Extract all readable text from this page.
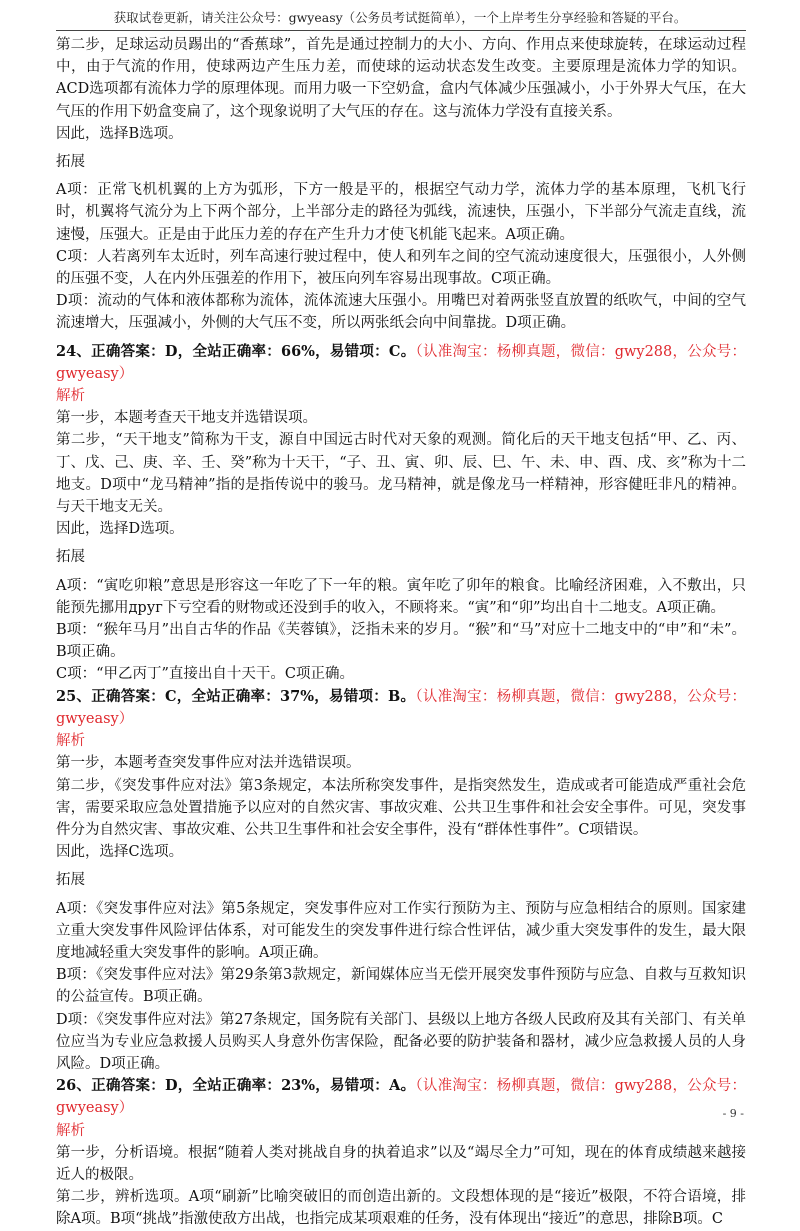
获取试卷更新，请关注公众号：gwyeasy（公务员考试挺简单），一个上岸考生分享经验和答疑的平台。

第二步，足球运动员踢出的“香蕉球”，首先是通过控制力的大小、方向、作用点来使球旋转，在球运动过程中，由于气流的作用，使球两边产生压力差，而使球的运动状态发生改变。主要原理是流体力学的知识。ACD选项都有流体力学的原理体现。而用力吸一下空奶盒，盒内气体减少压强减小，小于外界大气压，在大气压的作用下奶盒变扁了，这个现象说明了大气压的存在。这与流体力学没有直接关系。

因此，选择B选项。

拓展

A项：正常飞机机翼的上方为弧形，下方一般是平的，根据空气动力学，流体力学的基本原理，飞机飞行时，机翼将气流分为上下两个部分，上半部分走的路径为弧线，流速快，压强小，下半部分气流走直线，流速慢，压强大。正是由于此压力差的存在产生升力才使飞机能飞起来。A项正确。

C项：人若离列车太近时，列车高速行驶过程中，使人和列车之间的空气流动速度很大，压强很小，人外侧的压强不变，人在内外压强差的作用下，被压向列车容易出现事故。C项正确。

D项：流动的气体和液体都称为流体，流体流速大压强小。用嘴巴对着两张竖直放置的纸吹气，中间的空气流速增大，压强减小，外侧的大气压不变，所以两张纸会向中间靠拢。D项正确。

24、正确答案：D，全站正确率：66%，易错项：C。（认准淘宝：杨柳真题，微信：gwy288，公众号：gwyeasy）

解析

第一步，本题考查天干地支并选错误项。

第二步，“天干地支”简称为干支，源自中国远古时代对天象的观测。简化后的天干地支包括“甲、乙、丙、丁、戊、己、庚、辛、壬、癸”称为十天干，“子、丑、寅、卯、辰、巳、午、未、申、酉、戌、亥”称为十二地支。D项中“龙马精神”指的是指传说中的骏马。龙马精神，就是像龙马一样精神，形容健旺非凡的精神。与天干地支无关。

因此，选择D选项。

拓展

A项：“寅吃卯粮”意思是形容这一年吃了下一年的粮。寅年吃了卯年的粮食。比喻经济困难，入不敷出，只能预先挪用друг下亏空看的财物或还没到手的收入，不顾将来。“寅”和“卯”均出自十二地支。A项正确。

B项：“猴年马月”出自古华的作品《芙蓉镇》，泛指未来的岁月。“猴”和“马”对应十二地支中的“申”和“未”。B项正确。

C项：“甲乙丙丁”直接出自十天干。C项正确。

25、正确答案：C，全站正确率：37%，易错项：B。（认准淘宝：杨柳真题，微信：gwy288，公众号：gwyeasy）

解析

第一步，本题考查突发事件应对法并选错误项。

第二步，《突发事件应对法》第3条规定，本法所称突发事件，是指突然发生，造成或者可能造成严重社会危害，需要采取应急处置措施予以应对的自然灾害、事故灾难、公共卫生事件和社会安全事件。可见，突发事件分为自然灾害、事故灾难、公共卫生事件和社会安全事件，没有“群体性事件”。C项错误。

因此，选择C选项。

拓展

A项：《突发事件应对法》第5条规定，突发事件应对工作实行预防为主、预防与应急相结合的原则。国家建立重大突发事件风险评估体系，对可能发生的突发事件进行综合性评估，减少重大突发事件的发生，最大限度地减轻重大突发事件的影响。A项正确。

B项：《突发事件应对法》第29条第3款规定，新闻媒体应当无偿开展突发事件预防与应急、自救与互救知识的公益宣传。B项正确。

D项：《突发事件应对法》第27条规定，国务院有关部门、县级以上地方各级人民政府及其有关部门、有关单位应当为专业应急救援人员购买人身意外伤害保险，配备必要的防护装备和器材，减少应急救援人员的人身风险。D项正确。

26、正确答案：D，全站正确率：23%，易错项：A。（认准淘宝：杨柳真题，微信：gwy288，公众号：gwyeasy）

解析

第一步，分析语境。根据“随着人类对挑战自身的执着追求”以及“竭尽全力”可知，现在的体育成绩越来越接近人的极限。

第二步，辨析选项。A项“刷新”比喻突破旧的而创造出新的。文段想体现的是“接近”极限，不符合语境，排除A项。B项“挑战”指激使敌方出战，也指完成某项艰难的任务，没有体现出“接近”的意思，排除B项。C

- 9 -
